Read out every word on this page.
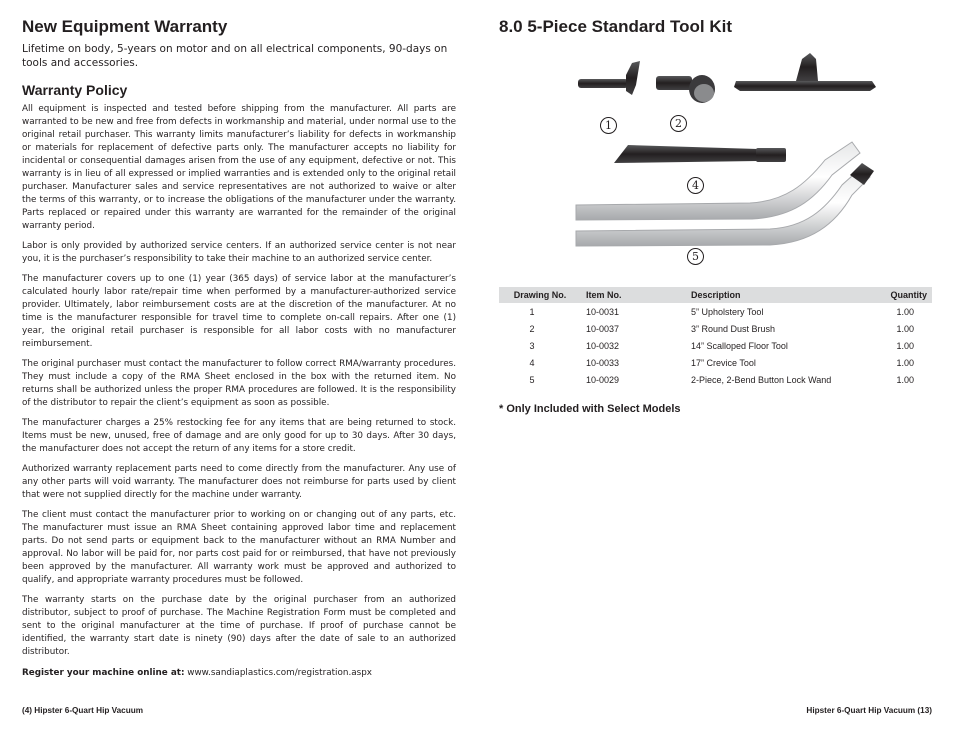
New Equipment Warranty

Lifetime on body, 5-years on motor and on all electrical components, 90-days on tools and accessories.

Warranty Policy

All equipment is inspected and tested before shipping from the manufacturer. All parts are warranted to be new and free from defects in workmanship and material, under normal use to the original retail purchaser. This warranty limits manufacturer’s liability for defects in workmanship or materials for replacement of defective parts only. The manufacturer accepts no liability for incidental or consequential damages arisen from the use of any equipment, defective or not. This warranty is in lieu of all expressed or implied warranties and is extended only to the original retail purchaser. Manufacturer sales and service representatives are not authorized to waive or alter the terms of this warranty, or to increase the obligations of the manufacturer under the warranty. Parts replaced or repaired under this warranty are warranted for the remainder of the original warranty period.

Labor is only provided by authorized service centers. If an authorized service center is not near you, it is the purchaser’s responsibility to take their machine to an authorized service center.

The manufacturer covers up to one (1) year (365 days) of service labor at the manufacturer’s calculated hourly labor rate/repair time when performed by a manufacturer-authorized service provider. Ultimately, labor reimbursement costs are at the discretion of the manufacturer. At no time is the manufacturer responsible for travel time to complete on-call repairs. After one (1) year, the original retail purchaser is responsible for all labor costs with no manufacturer reimbursement.

The original purchaser must contact the manufacturer to follow correct RMA/warranty procedures. They must include a copy of the RMA Sheet enclosed in the box with the returned item. No returns shall be authorized unless the proper RMA procedures are followed. It is the responsibility of the distributor to repair the client’s equipment as soon as possible.

The manufacturer charges a 25% restocking fee for any items that are being returned to stock. Items must be new, unused, free of damage and are only good for up to 30 days. After 30 days, the manufacturer does not accept the return of any items for a store credit.

Authorized warranty replacement parts need to come directly from the manufacturer. Any use of any other parts will void warranty. The manufacturer does not reimburse for parts used by client that were not supplied directly for the machine under warranty.

The client must contact the manufacturer prior to working on or changing out of any parts, etc. The manufacturer must issue an RMA Sheet containing approved labor time and replacement parts. Do not send parts or equipment back to the manufacturer without an RMA Number and approval. No labor will be paid for, nor parts cost paid for or reimbursed, that have not previously been approved by the manufacturer. All warranty work must be approved and authorized to qualify, and appropriate warranty procedures must be followed.

The warranty starts on the purchase date by the original purchaser from an authorized distributor, subject to proof of purchase. The Machine Registration Form must be completed and sent to the original manufacturer at the time of purchase. If proof of purchase cannot be identified, the warranty start date is ninety (90) days after the date of sale to an authorized distributor.

Register your machine online at: www.sandiaplastics.com/registration.aspx
(4) Hipster 6-Quart Hip Vacuum
8.0 5-Piece Standard Tool Kit
1	2
4
5
Drawing No.	Item No.	Description	Quantity
1	10-0031	5” Upholstery Tool	1.00
2	10-0037	3” Round Dust Brush	1.00
3	10-0032	14” Scalloped Floor Tool	1.00
4	10-0033	17” Crevice Tool	1.00
5	10-0029	2-Piece, 2-Bend Button Lock Wand	1.00
* Only Included with Select Models
Hipster 6-Quart Hip Vacuum (13)
